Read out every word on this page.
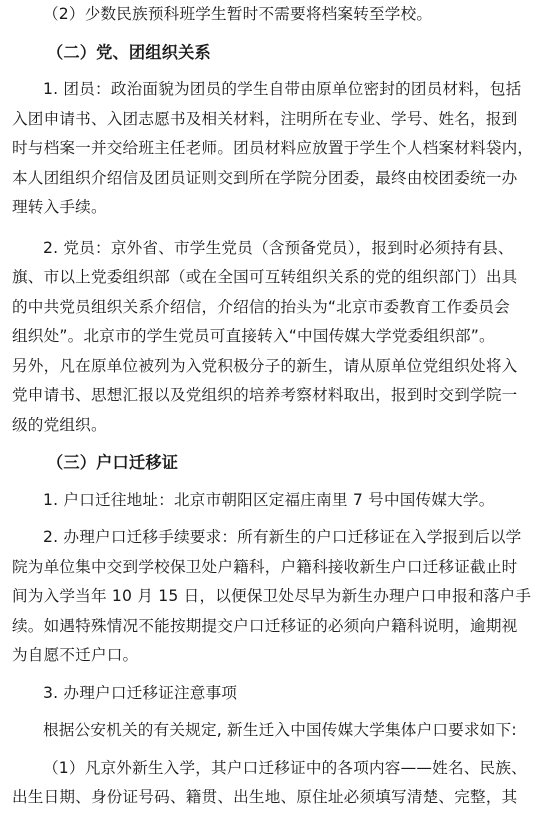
（2）少数民族预科班学生暂时不需要将档案转至学校。
（二）党、团组织关系
1. 团员：政治面貌为团员的学生自带由原单位密封的团员材料，包括
入团申请书、入团志愿书及相关材料，注明所在专业、学号、姓名，报到
时与档案一并交给班主任老师。团员材料应放置于学生个人档案材料袋内，
本人团组织介绍信及团员证则交到所在学院分团委，最终由校团委统一办
理转入手续。
2. 党员：京外省、市学生党员（含预备党员），报到时必须持有县、
旗、市以上党委组织部（或在全国可互转组织关系的党的组织部门）出具
的中共党员组织关系介绍信，介绍信的抬头为“北京市委教育工作委员会
组织处”。北京市的学生党员可直接转入“中国传媒大学党委组织部”。
另外，凡在原单位被列为入党积极分子的新生，请从原单位党组织处将入
党申请书、思想汇报以及党组织的培养考察材料取出，报到时交到学院一
级的党组织。
（三）户口迁移证
1. 户口迁往地址：北京市朝阳区定福庄南里 7 号中国传媒大学。
2. 办理户口迁移手续要求：所有新生的户口迁移证在入学报到后以学
院为单位集中交到学校保卫处户籍科，户籍科接收新生户口迁移证截止时
间为入学当年 10 月 15 日，以便保卫处尽早为新生办理户口申报和落户手
续。如遇特殊情况不能按期提交户口迁移证的必须向户籍科说明，逾期视
为自愿不迁户口。
3. 办理户口迁移证注意事项
根据公安机关的有关规定, 新生迁入中国传媒大学集体户口要求如下:
（1）凡京外新生入学，其户口迁移证中的各项内容——姓名、民族、
出生日期、身份证号码、籍贯、出生地、原住址必须填写清楚、完整，其
